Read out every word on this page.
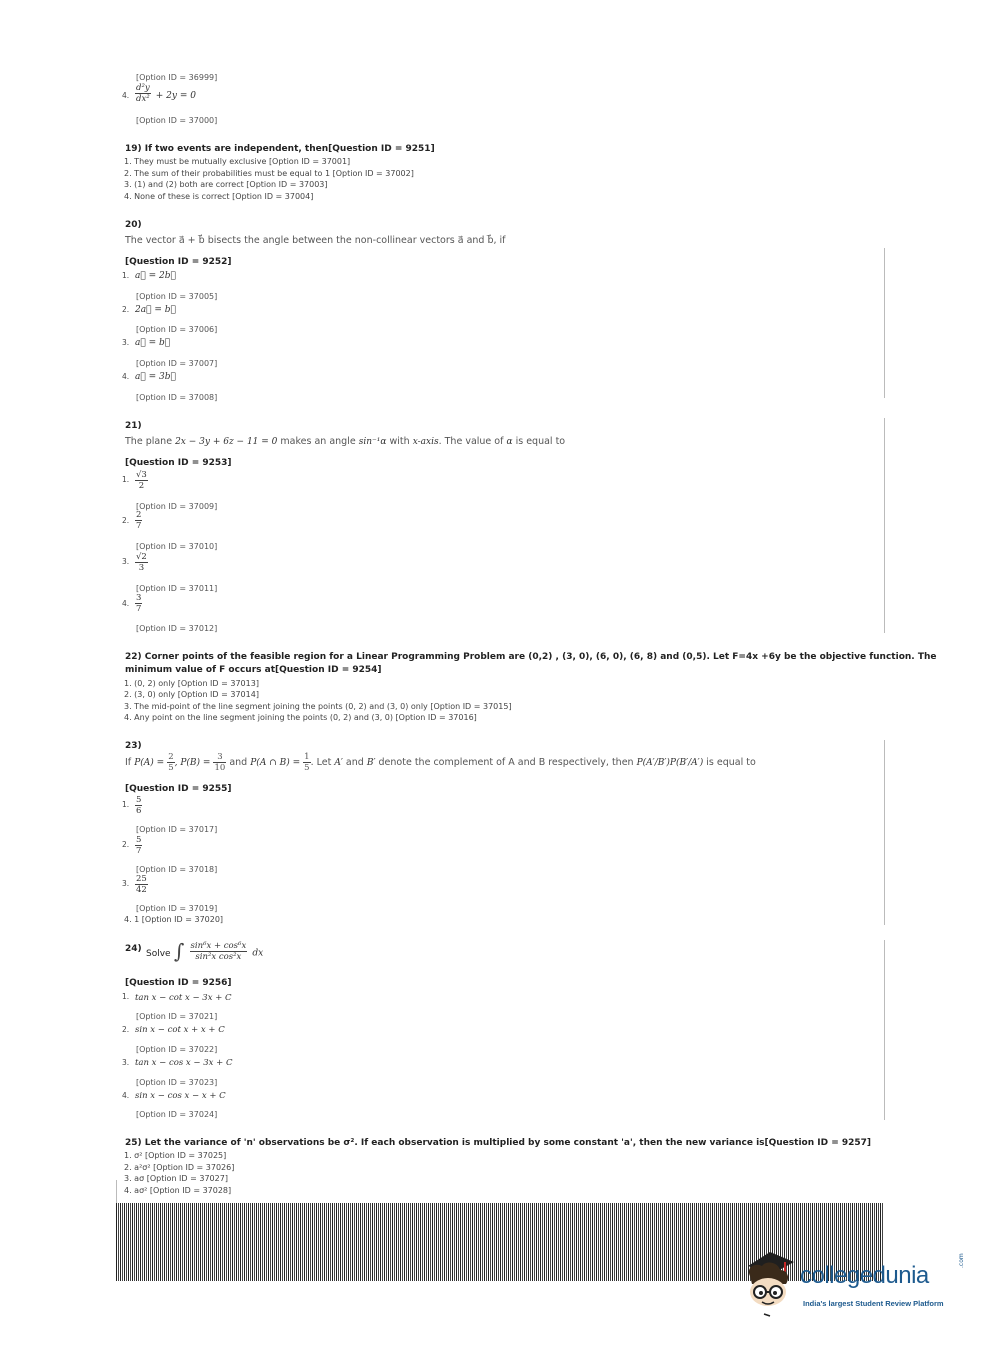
[Option ID = 36999]
4. $\frac{\text{d²y}}{\text{dx²}} + 2y = 0$
[Option ID = 37000]
19) If two events are independent, then[Question ID = 9251]
1. They must be mutually exclusive [Option ID = 37001]
2. The sum of their probabilities must be equal to 1 [Option ID = 37002]
3. (1) and (2) both are correct [Option ID = 37003]
4. None of these is correct [Option ID = 37004]
20)
The vector a⃗ + b⃗ bisects the angle between the non-collinear vectors a⃗ and b⃗, if
[Question ID = 9252]
1. a⃗ = 2b⃗
[Option ID = 37005]
2. 2a⃗ = b⃗
[Option ID = 37006]
3. a⃗ = b⃗
[Option ID = 37007]
4. a⃗ = 3b⃗
[Option ID = 37008]
21)
The plane 2x − 3y + 6z − 11 = 0 makes an angle sin⁻¹α with x-axis. The value of α is equal to
[Question ID = 9253]
1. $\frac{√3}{2}$
[Option ID = 37009]
2. $\frac{2}{7}$
[Option ID = 37010]
3. $\frac{√2}{3}$
[Option ID = 37011]
4. $\frac{3}{7}$
[Option ID = 37012]
22) Corner points of the feasible region for a Linear Programming Problem are (0,2) , (3, 0), (6, 0), (6, 8) and (0,5). Let F=4x +6y be the objective function. The
minimum value of F occurs at[Question ID = 9254]
1. (0, 2) only [Option ID = 37013]
2. (3, 0) only [Option ID = 37014]
3. The mid-point of the line segment joining the points (0, 2) and (3, 0) only [Option ID = 37015]
4. Any point on the line segment joining the points (0, 2) and (3, 0) [Option ID = 37016]
23)
If $P(A) = \frac{2}{5}$ , $P(B) = \frac{3}{10}$ and P(A ∩ $B) = \frac{1}{5}$ . Let A′ and B′ denote the complement of A and B respectively, then P(A′/B′)P(B′/A′) is equal to
[Question ID = 9255]
1. $\frac{5}{6}$
[Option ID = 37017]
2. $\frac{5}{7}$
[Option ID = 37018]
3. $\frac{25}{42}$
[Option ID = 37019]
4. 1 [Option ID = 37020]
24) Solve ∫ $\frac{\text{sin⁶x + cos⁶x}}{\text{sin²x cos²x}}$ dx
[Question ID = 9256]
1. tan x − cot x − 3x + C
[Option ID = 37021]
2. sin x − cot x + x + C
[Option ID = 37022]
3. tan x − cos x − 3x + C
[Option ID = 37023]
4. sin x − cos x − x + C
[Option ID = 37024]
25) Let the variance of 'n' observations be σ². If each observation is multiplied by some constant 'a', then the new variance is[Question ID = 9257]
1. σ² [Option ID = 37025]
2. a²σ² [Option ID = 37026]
3. aσ [Option ID = 37027]
4. aσ² [Option ID = 37028]
collegedunia
.com
India's largest Student Review Platform
